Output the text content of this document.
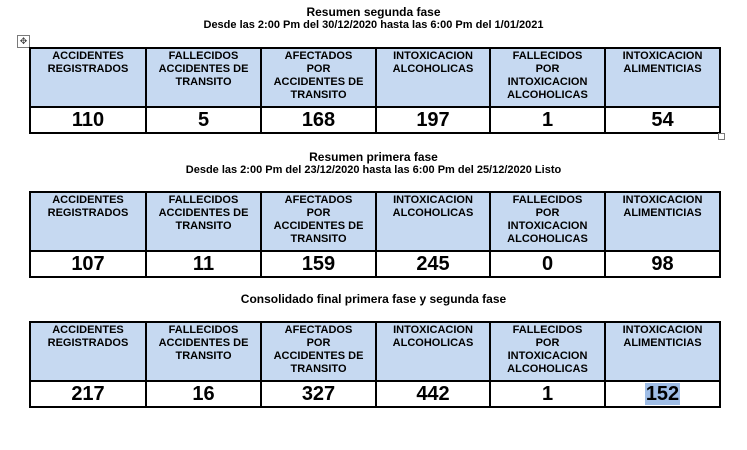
Resumen segunda fase
Desde las 2:00 Pm del 30/12/2020 hasta las 6:00 Pm del 1/01/2021
✥
ACCIDENTES
REGISTRADOS	FALLECIDOS
ACCIDENTES DE
TRANSITO	AFECTADOS
POR
ACCIDENTES DE
TRANSITO	INTOXICACION
ALCOHOLICAS	FALLECIDOS
POR
INTOXICACION
ALCOHOLICAS	INTOXICACION
ALIMENTICIAS
110	5	168	197	1	54
Resumen primera fase
Desde las 2:00 Pm del 23/12/2020 hasta las 6:00 Pm del 25/12/2020 Listo
ACCIDENTES
REGISTRADOS	FALLECIDOS
ACCIDENTES DE
TRANSITO	AFECTADOS
POR
ACCIDENTES DE
TRANSITO	INTOXICACION
ALCOHOLICAS	FALLECIDOS
POR
INTOXICACION
ALCOHOLICAS	INTOXICACION
ALIMENTICIAS
107	11	159	245	0	98
Consolidado final primera fase y segunda fase
ACCIDENTES
REGISTRADOS	FALLECIDOS
ACCIDENTES DE
TRANSITO	AFECTADOS
POR
ACCIDENTES DE
TRANSITO	INTOXICACION
ALCOHOLICAS	FALLECIDOS
POR
INTOXICACION
ALCOHOLICAS	INTOXICACION
ALIMENTICIAS
217	16	327	442	1	152
